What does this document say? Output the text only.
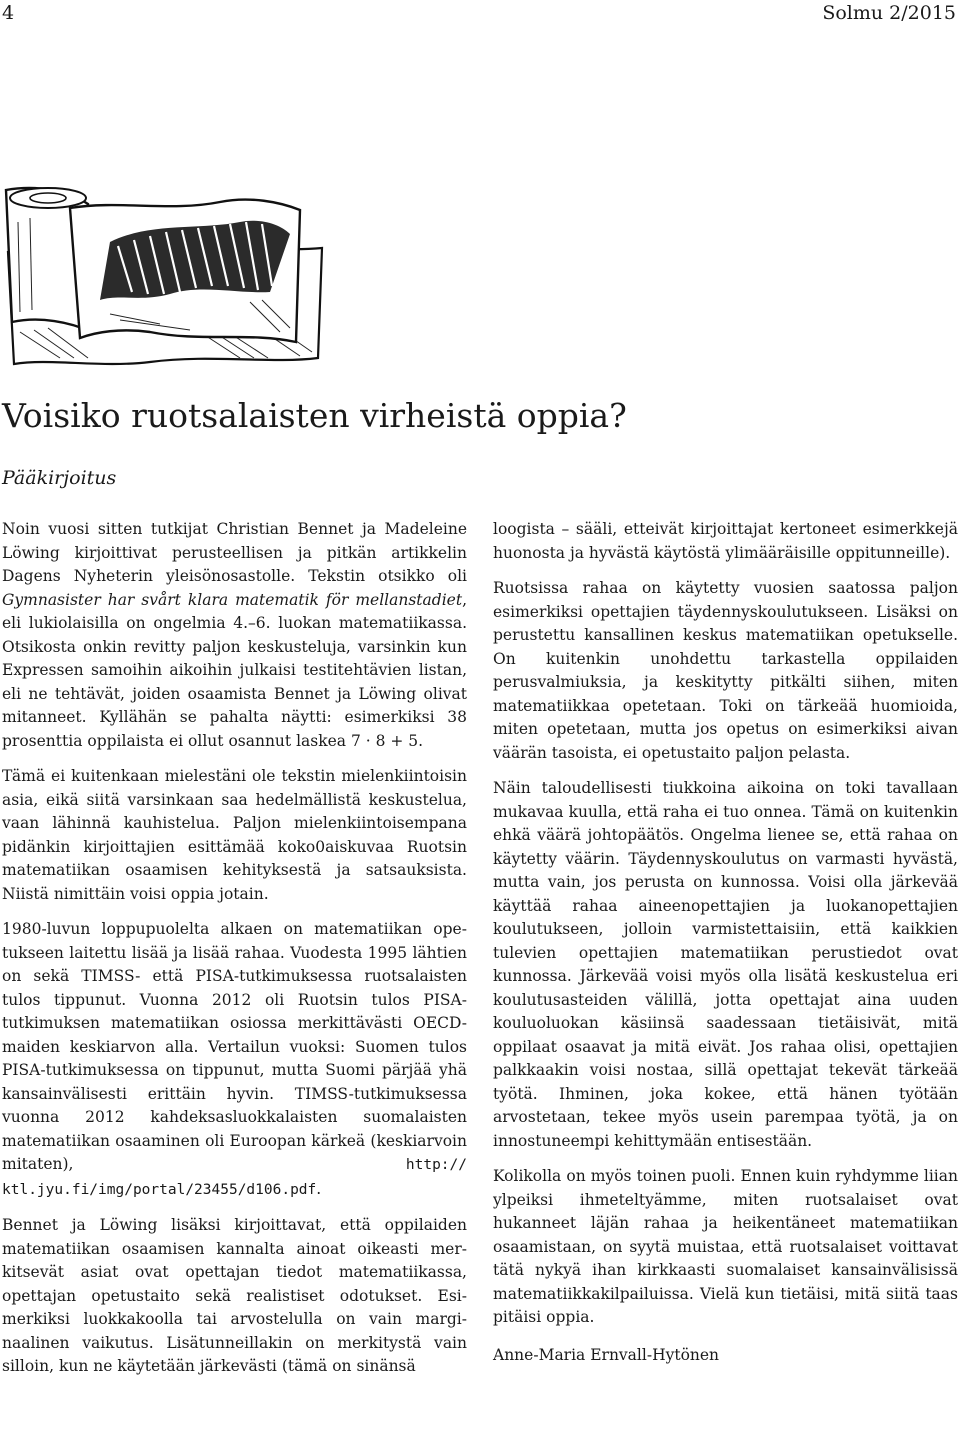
4	Solmu 2/2015
Voisiko ruotsalaisten virheistä oppia?
Pääkirjoitus

Noin vuosi sitten tutkijat Christian Bennet ja Madeleine Löwing kirjoittivat perusteellisen ja pitkän artikkelin Dagens Nyheterin yleisönosastolle. Tekstin otsikko oli Gymnasister har svårt klara matematik för mellanstadiet, eli lukiolaisilla on ongelmia 4.–6. luokan matematiikassa. Otsikosta onkin revitty paljon keskusteluja, varsinkin kun Expressen samoihin aikoihin julkaisi testitehtävien listan, eli ne tehtävät, joiden osaamista Bennet ja Löwing olivat mitanneet. Kyllähän se pahalta näytti: esimerkiksi 38 prosenttia oppilaista ei ollut osannut laskea 7 · 8 + 5.

Tämä ei kuitenkaan mielestäni ole tekstin mielenkiintoisin asia, eikä siitä varsinkaan saa hedelmällistä keskustelua, vaan lähinnä kauhistelua. Paljon mielenkiintoisempana pidänkin kirjoittajien esittämää koko0aiskuvaa Ruotsin matematiikan osaamisen kehityksestä ja satsauksista. Niistä nimittäin voisi oppia jotain.

1980-luvun loppupuolelta alkaen on matematiikan opetukseen laitettu lisää ja lisää rahaa. Vuodesta 1995 lähtien on sekä TIMSS- että PISA-tutkimuksessa ruotsalaisten tulos tippunut. Vuonna 2012 oli Ruotsin tulos PISA-tutkimuksen matematiikan osiossa merkittävästi OECD-maiden keskiarvon alla. Vertailun vuoksi: Suomen tulos PISA-tutkimuksessa on tippunut, mutta Suomi pärjää yhä kansainvälisesti erittäin hyvin. TIMSS-tutkimuksessa vuonna 2012 kahdeksasluokkalaisten suomalaisten matematiikan osaaminen oli Euroopan kärkeä (keskiarvoin mitaten), http:// ktl.jyu.fi/img/portal/23455/d106.pdf.

Bennet ja Löwing lisäksi kirjoittavat, että oppilaiden matematiikan osaamisen kannalta ainoat oikeasti merkitsevät asiat ovat opettajan tiedot matematiikassa, opettajan opetustaito sekä realistiset odotukset. Esimerkiksi luokkakoolla tai arvostelulla on vain marginaalinen vaikutus. Lisätunneillakin on merkitystä vain silloin, kun ne käytetään järkevästi (tämä on sinänsä

loogista – sääli, etteivät kirjoittajat kertoneet esimerkkejä huonosta ja hyvästä käytöstä ylimääräisille oppitunneille).

Ruotsissa rahaa on käytetty vuosien saatossa paljon esimerkiksi opettajien täydennyskoulutukseen. Lisäksi on perustettu kansallinen keskus matematiikan opetukselle. On kuitenkin unohdettu tarkastella oppilaiden perusvalmiuksia, ja keskitytty pitkälti siihen, miten matematiikkaa opetetaan. Toki on tärkeää huomioida, miten opetetaan, mutta jos opetus on esimerkiksi aivan väärän tasoista, ei opetustaito paljon pelasta.

Näin taloudellisesti tiukkoina aikoina on toki tavallaan mukavaa kuulla, että raha ei tuo onnea. Tämä on kuitenkin ehkä väärä johtopäätös. Ongelma lienee se, että rahaa on käytetty väärin. Täydennyskoulutus on varmasti hyvästä, mutta vain, jos perusta on kunnossa. Voisi olla järkevää käyttää rahaa aineenopettajien ja luokanopettajien koulutukseen, jolloin varmistettaisiin, että kaikkien tulevien opettajien matematiikan perustiedot ovat kunnossa. Järkevää voisi myös olla lisätä keskustelua eri koulutusasteiden välillä, jotta opettajat aina uuden kouluoluokan käsiinsä saadessaan tietäisivät, mitä oppilaat osaavat ja mitä eivät. Jos rahaa olisi, opettajien palkkaakin voisi nostaa, sillä opettajat tekevät tärkeää työtä. Ihminen, joka kokee, että hänen työtään arvostetaan, tekee myös usein parempaa työtä, ja on innostuneempi kehittymään entisestään.

Kolikolla on myös toinen puoli. Ennen kuin ryhdymme liian ylpeiksi ihmeteltyämme, miten ruotsalaiset ovat hukanneet läjän rahaa ja heikentäneet matematiikan osaamistaan, on syytä muistaa, että ruotsalaiset voittavat tätä nykyä ihan kirkkaasti suomalaiset kansainvälisissä matematiikkakilpailuissa. Vielä kun tietäisi, mitä siitä taas pitäisi oppia.

Anne-Maria Ernvall-Hytönen
